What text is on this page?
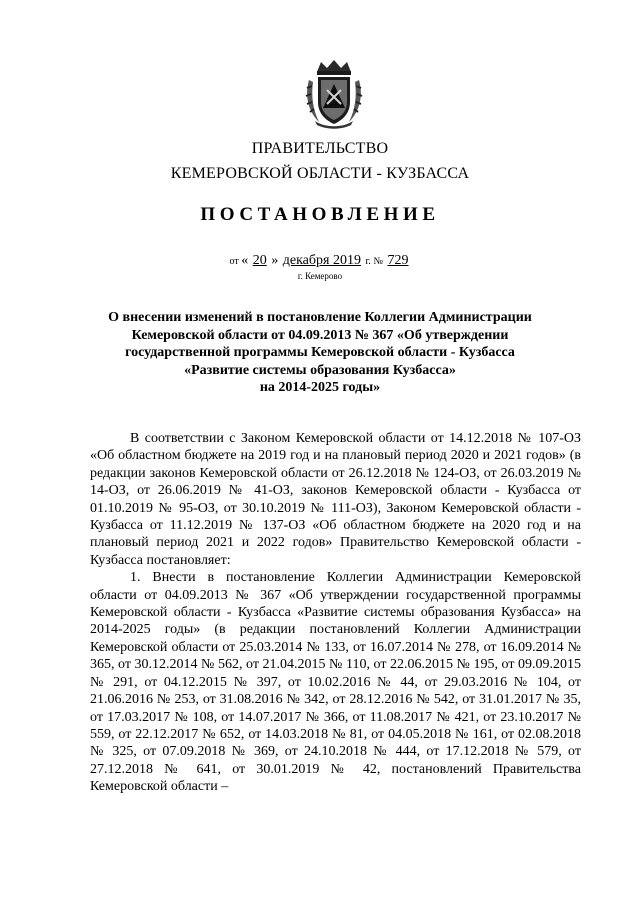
ПРАВИТЕЛЬСТВО
КЕМЕРОВСКОЙ ОБЛАСТИ - КУЗБАССА
ПОСТАНОВЛЕНИЕ
от « 20 » декабря 2019 г. № 729
г. Кемерово
О внесении изменений в постановление Коллегии Администрации
Кемеровской области от 04.09.2013 № 367 «Об утверждении
государственной программы Кемеровской области - Кузбасса
«Развитие системы образования Кузбасса»
на 2014-2025 годы»

В соответствии с Законом Кемеровской области от 14.12.2018 № 107-ОЗ «Об областном бюджете на 2019 год и на плановый период 2020 и 2021 годов» (в редакции законов Кемеровской области от 26.12.2018 № 124-ОЗ, от 26.03.2019 № 14-ОЗ, от 26.06.2019 № 41-ОЗ, законов Кемеровской области - Кузбасса от 01.10.2019 № 95-ОЗ, от 30.10.2019 № 111-ОЗ), Законом Кемеровской области - Кузбасса от 11.12.2019 № 137-ОЗ «Об областном бюджете на 2020 год и на плановый период 2021 и 2022 годов» Правительство Кемеровской области - Кузбасса постановляет:

1. Внести в постановление Коллегии Администрации Кемеровской области от 04.09.2013 № 367 «Об утверждении государственной программы Кемеровской области - Кузбасса «Развитие системы образования Кузбасса» на 2014-2025 годы» (в редакции постановлений Коллегии Администрации Кемеровской области от 25.03.2014 № 133, от 16.07.2014 № 278, от 16.09.2014 № 365, от 30.12.2014 № 562, от 21.04.2015 № 110, от 22.06.2015 № 195, от 09.09.2015 № 291, от 04.12.2015 № 397, от 10.02.2016 № 44, от 29.03.2016 № 104, от 21.06.2016 № 253, от 31.08.2016 № 342, от 28.12.2016 № 542, от 31.01.2017 № 35, от 17.03.2017 № 108, от 14.07.2017 № 366, от 11.08.2017 № 421, от 23.10.2017 № 559, от 22.12.2017 № 652, от 14.03.2018 № 81, от 04.05.2018 № 161, от 02.08.2018 № 325, от 07.09.2018 № 369, от 24.10.2018 № 444, от 17.12.2018 № 579, от 27.12.2018 № 641, от 30.01.2019 № 42, постановлений Правительства Кемеровской области –
